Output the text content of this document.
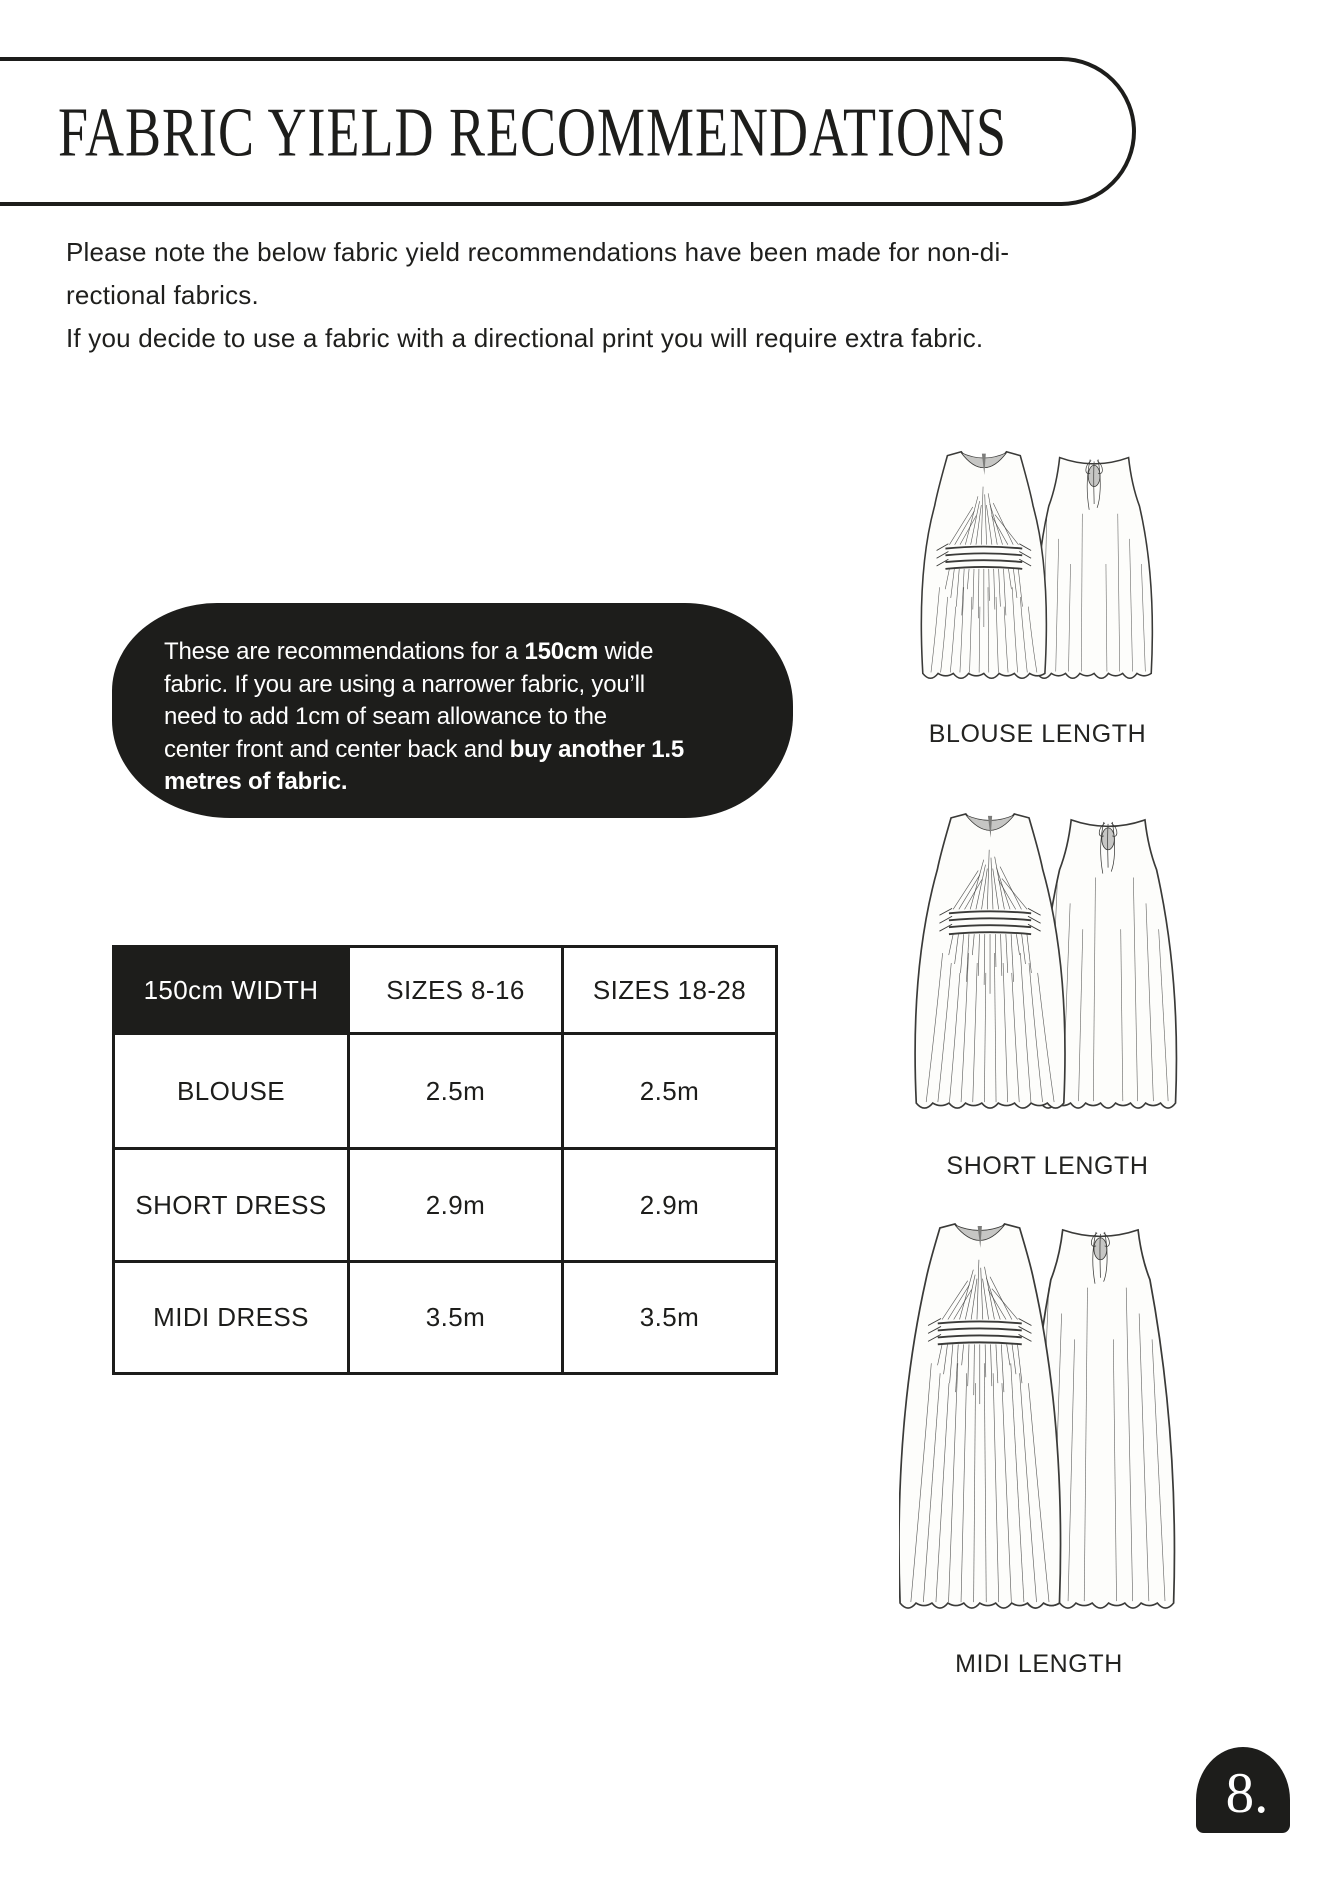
FABRIC YIELD RECOMMENDATIONS
Please note the below fabric yield recommendations have been made for non-di-
rectional fabrics.
If you decide to use a fabric with a directional print you will require extra fabric.
These are recommendations for a 150cm wide
fabric. If you are using a narrower fabric, you’ll
need to add 1cm of seam allowance to the
center front and center back and buy another 1.5
metres of fabric.
150cm WIDTH	SIZES 8-16	SIZES 18-28
BLOUSE	2.5m	2.5m
SHORT DRESS	2.9m	2.9m
MIDI DRESS	3.5m	3.5m
BLOUSE LENGTH
SHORT LENGTH
MIDI LENGTH
8.
